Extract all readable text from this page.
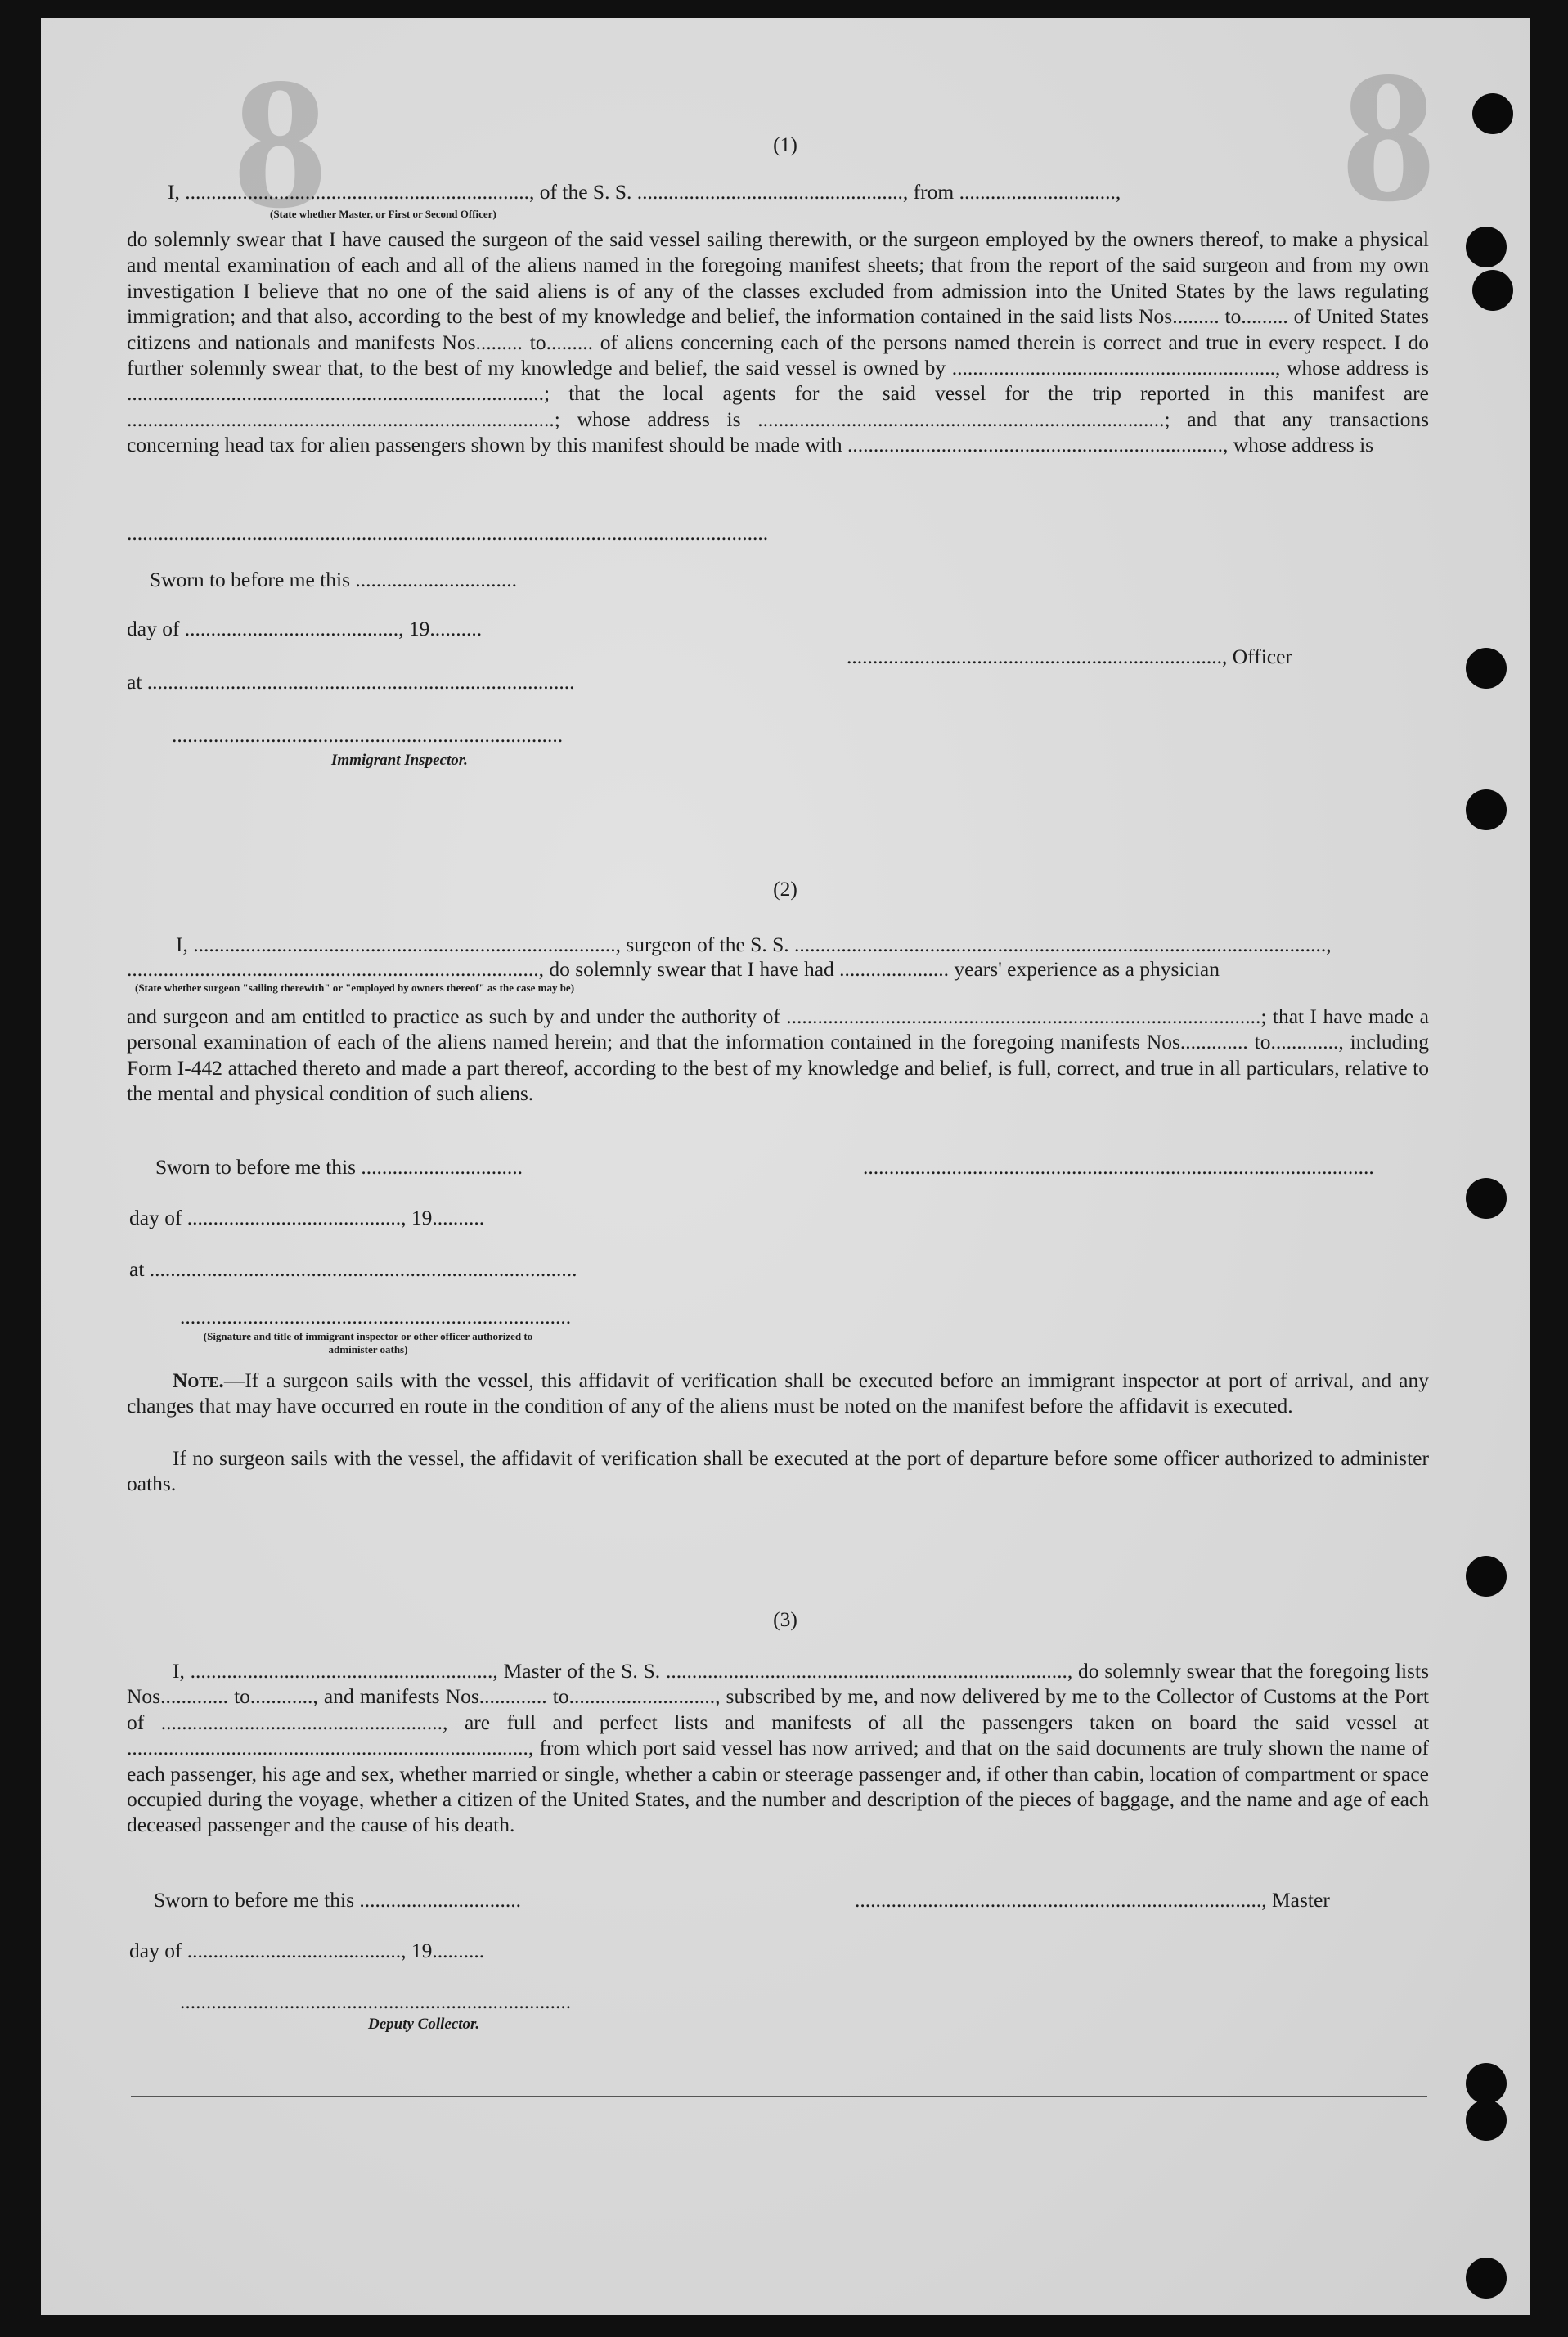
8	8
(1)
I, .................................................................., of the S. S. ..................................................., from ..............................,
(State whether Master, or First or Second Officer)
do solemnly swear that I have caused the surgeon of the said vessel sailing therewith, or the surgeon employed by the owners thereof, to make a physical and mental examination of each and all of the aliens named in the foregoing manifest sheets; that from the report of the said surgeon and from my own investigation I believe that no one of the said aliens is of any of the classes excluded from admission into the United States by the laws regulating immigration; and that also, according to the best of my knowledge and belief, the information contained in the said lists Nos......... to......... of United States citizens and nationals and manifests Nos......... to......... of aliens concerning each of the persons named therein is correct and true in every respect. I do further solemnly swear that, to the best of my knowledge and belief, the said vessel is owned by .............................................................., whose address is ................................................................................; that the local agents for the said vessel for the trip reported in this manifest are ..................................................................................; whose address is ..............................................................................; and that any transactions concerning head tax for alien passengers shown by this manifest should be made with ........................................................................, whose address is
...........................................................................................................................
Sworn to before me this ...............................
day of ........................................., 19..........
........................................................................, Officer
at ..................................................................................
...........................................................................
Immigrant Inspector.
(2)
I, ................................................................................., surgeon of the S. S. ......................................................................................................,
..............................................................................., do solemnly swear that I have had ..................... years' experience as a physician
(State whether surgeon "sailing therewith" or "employed by owners thereof" as the case may be)
and surgeon and am entitled to practice as such by and under the authority of ...........................................................................................; that I have made a personal examination of each of the aliens named herein; and that the information contained in the foregoing manifests Nos............. to............., including Form I-442 attached thereto and made a part thereof, according to the best of my knowledge and belief, is full, correct, and true in all particulars, relative to the mental and physical condition of such aliens.
Sworn to before me this ...............................	..................................................................................................
day of ........................................., 19..........
at ..................................................................................
...........................................................................
(Signature and title of immigrant inspector or other officer authorized to administer oaths)
Note.—If a surgeon sails with the vessel, this affidavit of verification shall be executed before an immigrant inspector at port of arrival, and any changes that may have occurred en route in the condition of any of the aliens must be noted on the manifest before the affidavit is executed.
If no surgeon sails with the vessel, the affidavit of verification shall be executed at the port of departure before some officer authorized to administer oaths.
(3)
I, .........................................................., Master of the S. S. ............................................................................., do solemnly swear that the foregoing lists Nos............. to............, and manifests Nos............. to............................, subscribed by me, and now delivered by me to the Collector of Customs at the Port of ......................................................, are full and perfect lists and manifests of all the passengers taken on board the said vessel at ............................................................................., from which port said vessel has now arrived; and that on the said documents are truly shown the name of each passenger, his age and sex, whether married or single, whether a cabin or steerage passenger and, if other than cabin, location of compartment or space occupied during the voyage, whether a citizen of the United States, and the number and description of the pieces of baggage, and the name and age of each deceased passenger and the cause of his death.
Sworn to before me this ...............................	.............................................................................., Master
day of ........................................., 19..........
...........................................................................
Deputy Collector.
